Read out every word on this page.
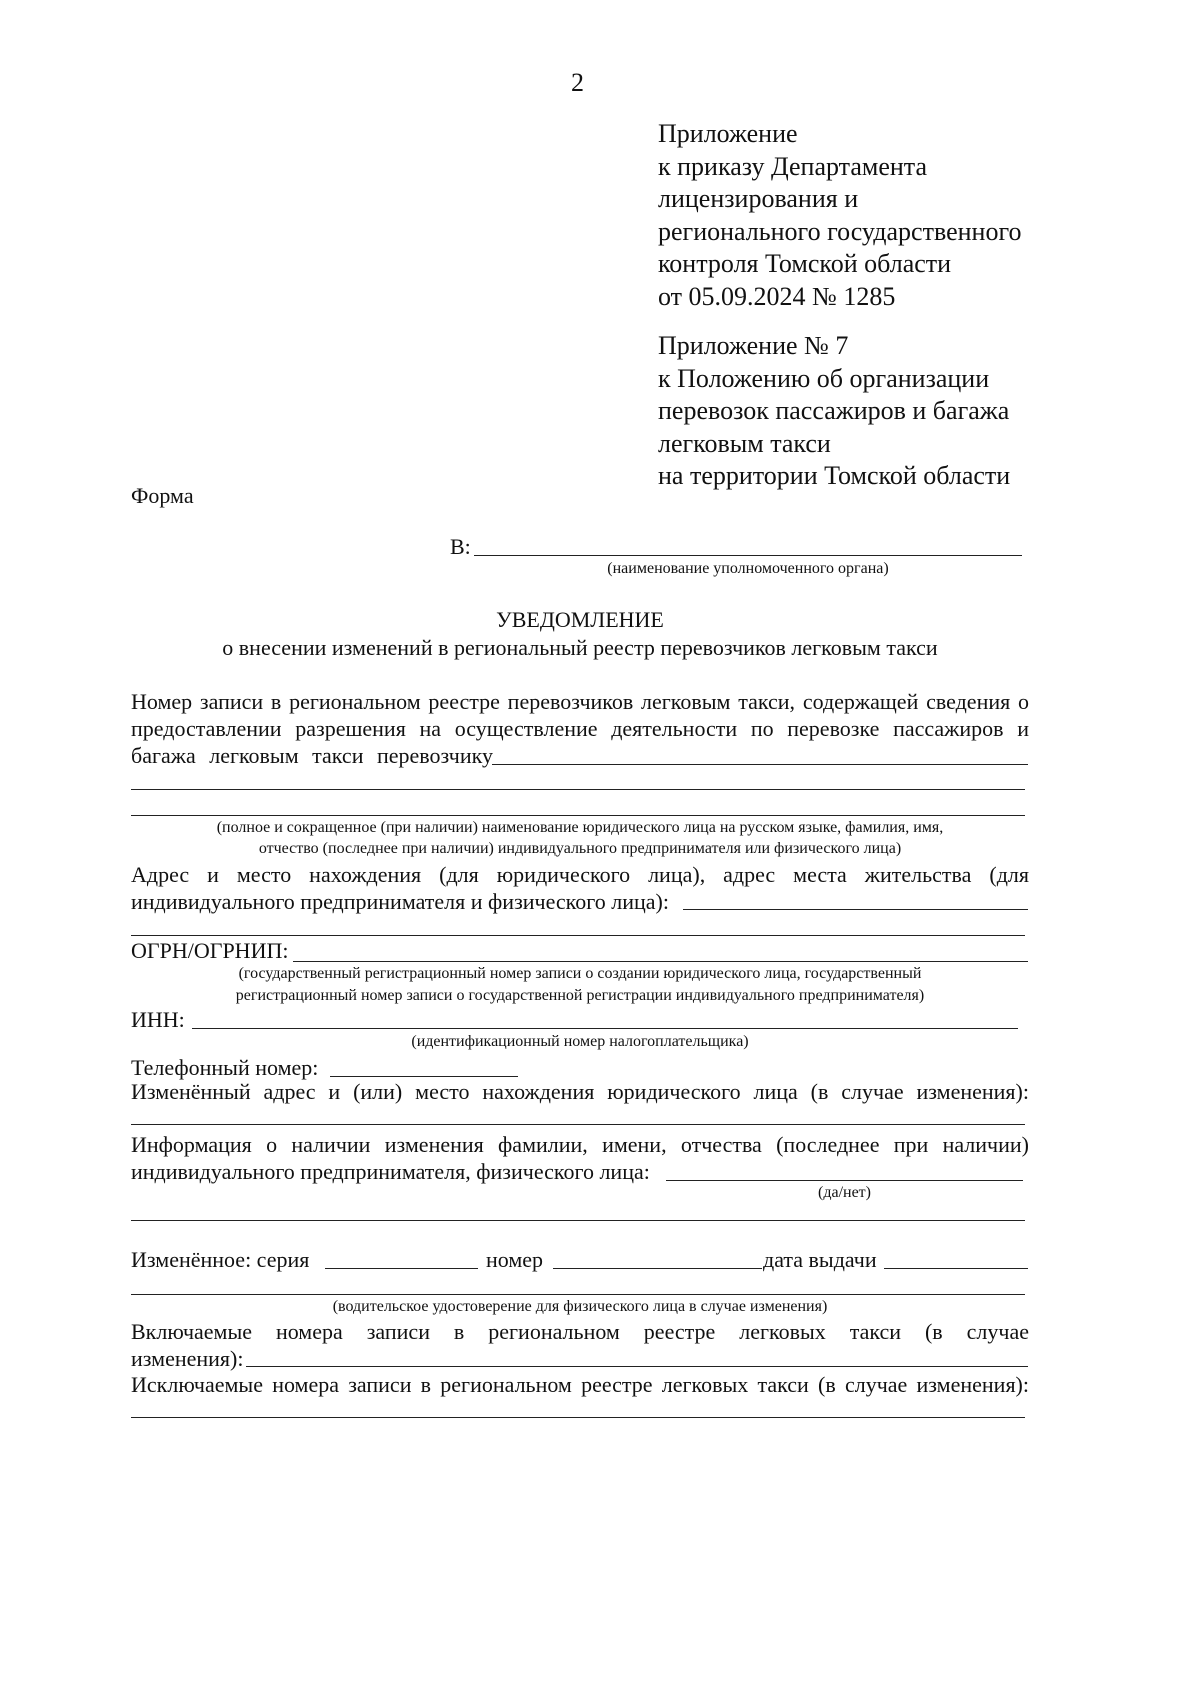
2
Приложение
к приказу Департамента
лицензирования и
регионального государственного
контроля Томской области
от 05.09.2024 № 1285
Приложение № 7
к Положению об организации
перевозок пассажиров и багажа
легковым такси
на территории Томской области
Форма
В:
(наименование уполномоченного органа)
УВЕДОМЛЕНИЕ
о внесении изменений в региональный реестр перевозчиков легковым такси
Номер записи в региональном реестре перевозчиков легковым такси, содержащей сведения о
предоставлении разрешения на осуществление деятельности по перевозке пассажиров и
багажа легковым такси перевозчику
(полное и сокращенное (при наличии) наименование юридического лица на русском языке, фамилия, имя,
отчество (последнее при наличии) индивидуального предпринимателя или физического лица)
Адрес и место нахождения (для юридического лица), адрес места жительства (для
индивидуального предпринимателя и физического лица):
ОГРН/ОГРНИП:
(государственный регистрационный номер записи о создании юридического лица, государственный
регистрационный номер записи о государственной регистрации индивидуального предпринимателя)
ИНН:
(идентификационный номер налогоплательщика)
Телефонный номер:
Изменённый адрес и (или) место нахождения юридического лица (в случае изменения):
Информация о наличии изменения фамилии, имени, отчества (последнее при наличии)
индивидуального предпринимателя, физического лица:
(да/нет)
Изменённое: серия	номер	дата выдачи
(водительское удостоверение для физического лица в случае изменения)
Включаемые номера записи в региональном реестре легковых такси (в случае
изменения):
Исключаемые номера записи в региональном реестре легковых такси (в случае изменения):
